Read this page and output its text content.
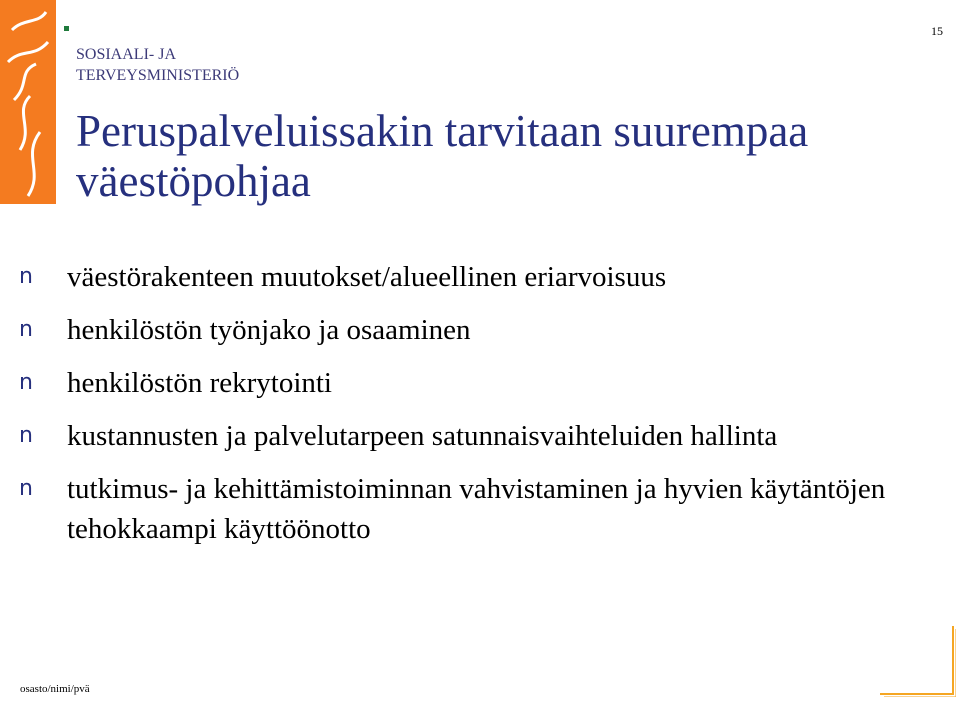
SOSIAALI- JA
TERVEYSMINISTERIÖ
15
Peruspalveluissakin tarvitaan suurempaa
väestöpohjaa
n	väestörakenteen muutokset/alueellinen eriarvoisuus
n	henkilöstön työnjako ja osaaminen
n	henkilöstön rekrytointi
n	kustannusten ja palvelutarpeen satunnaisvaihteluiden hallinta
n	tutkimus- ja kehittämistoiminnan vahvistaminen ja hyvien käytäntöjen tehokkaampi käyttöönotto
osasto/nimi/pvä
